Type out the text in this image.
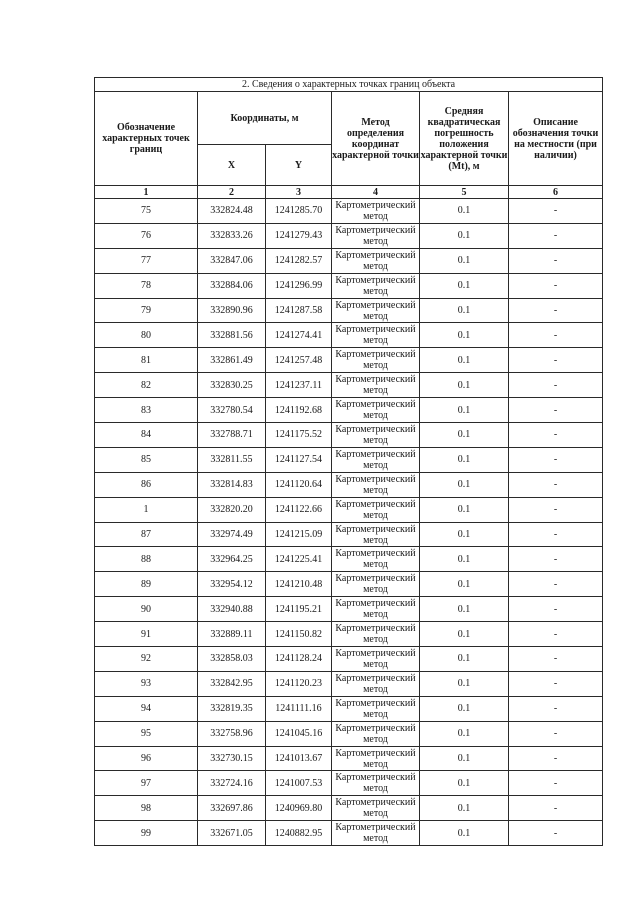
2. Сведения о характерных точках границ объекта					
Обозначение характерных точек границ	Координаты, м		Метод определения координат характерной точки	Средняя квадратическая погрешность положения характерной точки (Mt), м	Описание обозначения точки на местности (при наличии)
	X	Y			
1	2	3	4	5	6
75	332824.48	1241285.70	Картометрический метод	0.1	-
76	332833.26	1241279.43	Картометрический метод	0.1	-
77	332847.06	1241282.57	Картометрический метод	0.1	-
78	332884.06	1241296.99	Картометрический метод	0.1	-
79	332890.96	1241287.58	Картометрический метод	0.1	-
80	332881.56	1241274.41	Картометрический метод	0.1	-
81	332861.49	1241257.48	Картометрический метод	0.1	-
82	332830.25	1241237.11	Картометрический метод	0.1	-
83	332780.54	1241192.68	Картометрический метод	0.1	-
84	332788.71	1241175.52	Картометрический метод	0.1	-
85	332811.55	1241127.54	Картометрический метод	0.1	-
86	332814.83	1241120.64	Картометрический метод	0.1	-
1	332820.20	1241122.66	Картометрический метод	0.1	-
87	332974.49	1241215.09	Картометрический метод	0.1	-
88	332964.25	1241225.41	Картометрический метод	0.1	-
89	332954.12	1241210.48	Картометрический метод	0.1	-
90	332940.88	1241195.21	Картометрический метод	0.1	-
91	332889.11	1241150.82	Картометрический метод	0.1	-
92	332858.03	1241128.24	Картометрический метод	0.1	-
93	332842.95	1241120.23	Картометрический метод	0.1	-
94	332819.35	1241111.16	Картометрический метод	0.1	-
95	332758.96	1241045.16	Картометрический метод	0.1	-
96	332730.15	1241013.67	Картометрический метод	0.1	-
97	332724.16	1241007.53	Картометрический метод	0.1	-
98	332697.86	1240969.80	Картометрический метод	0.1	-
99	332671.05	1240882.95	Картометрический метод	0.1	-
